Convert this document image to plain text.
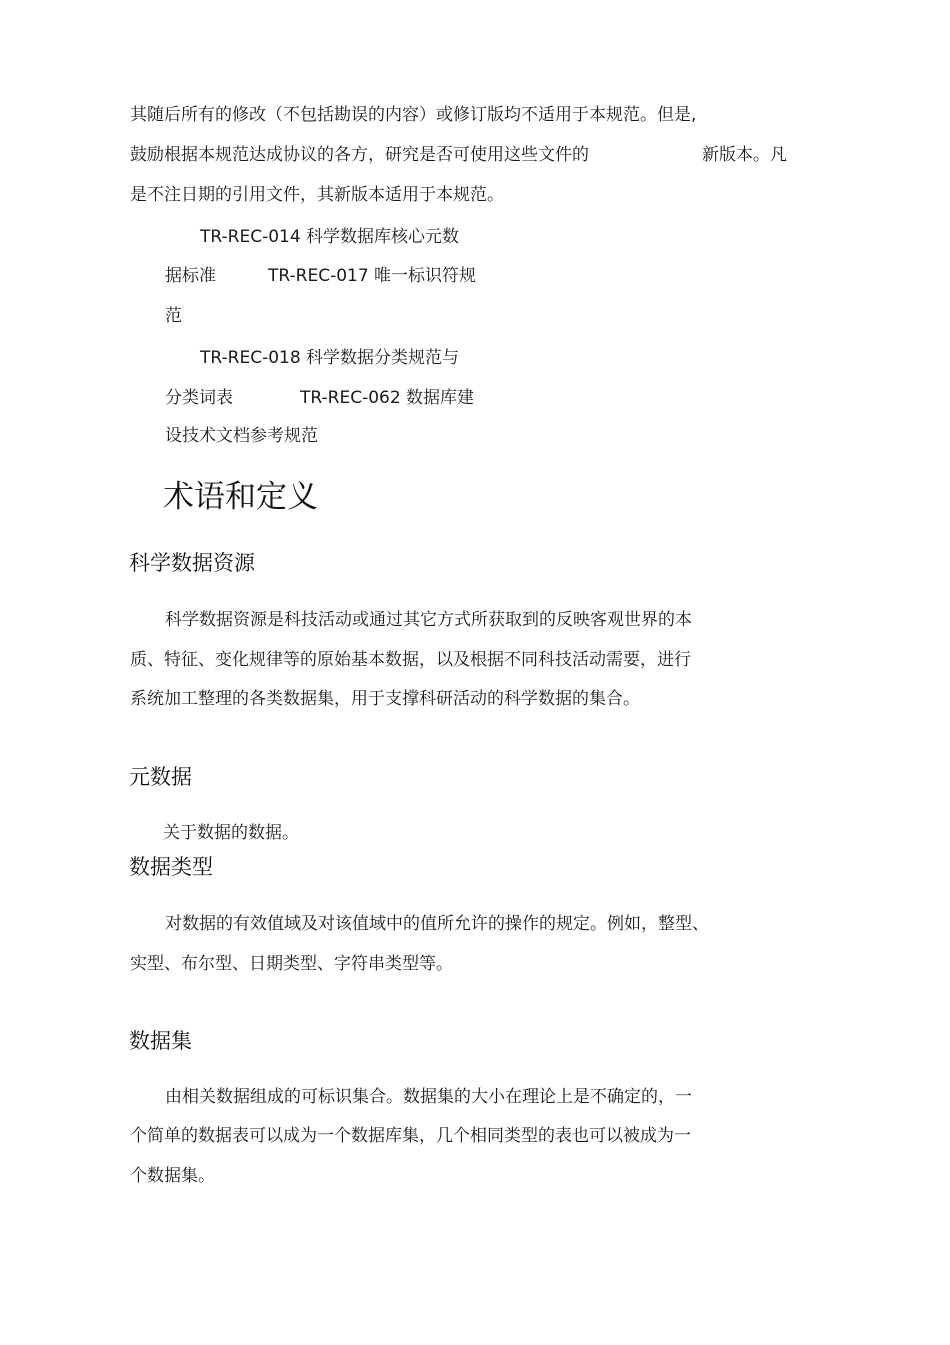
其随后所有的修改（不包括勘误的内容）或修订版均不适用于本规范。但是,
鼓励根据本规范达成协议的各方，研究是否可使用这些文件的	新版本。凡
是不注日期的引用文件，其新版本适用于本规范。
TR-REC-014 科学数据库核心元数
据标准	TR-REC-017 唯一标识符规
范
TR-REC-018 科学数据分类规范与
分类词表	TR-REC-062 数据库建
设技术文档参考规范
术语和定义
科学数据资源
科学数据资源是科技活动或通过其它方式所获取到的反映客观世界的本
质、特征、变化规律等的原始基本数据，以及根据不同科技活动需要，进行
系统加工整理的各类数据集，用于支撑科研活动的科学数据的集合。
元数据
关于数据的数据。
数据类型
对数据的有效值域及对该值域中的值所允许的操作的规定。例如，整型、
实型、布尔型、日期类型、字符串类型等。
数据集
由相关数据组成的可标识集合。数据集的大小在理论上是不确定的，一
个简单的数据表可以成为一个数据库集，几个相同类型的表也可以被成为一
个数据集。
